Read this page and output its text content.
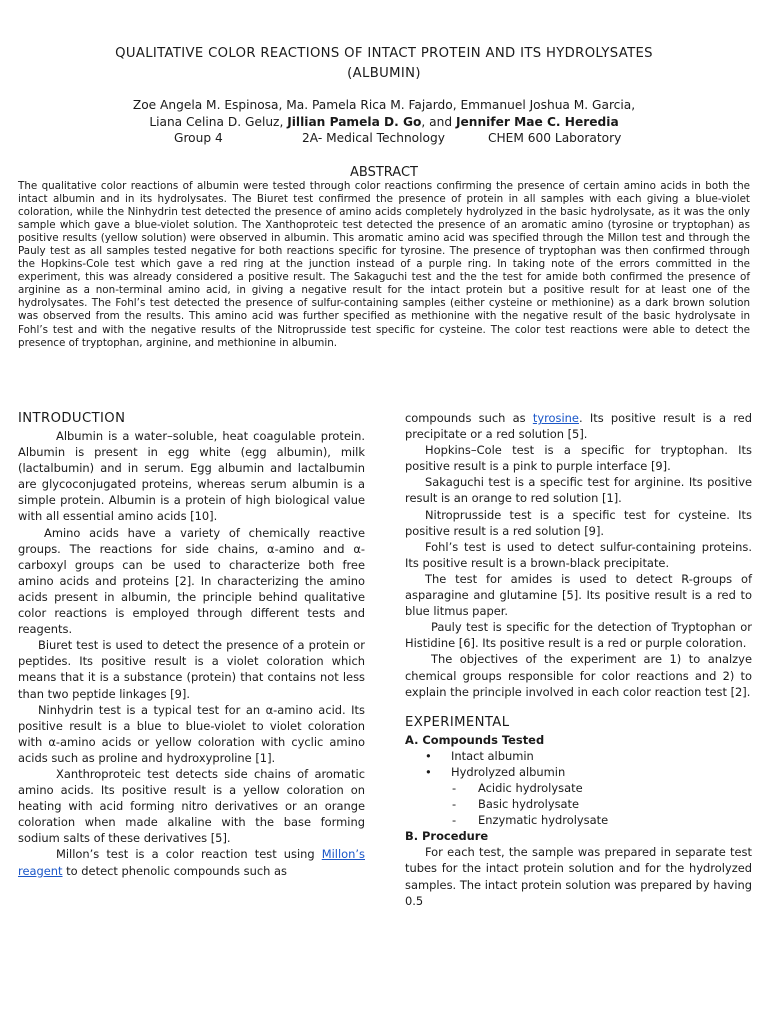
QUALITATIVE COLOR REACTIONS OF INTACT PROTEIN AND ITS HYDROLYSATES
(ALBUMIN)
Zoe Angela M. Espinosa, Ma. Pamela Rica M. Fajardo, Emmanuel Joshua M. Garcia,
Liana Celina D. Geluz, Jillian Pamela D. Go, and Jennifer Mae C. Heredia
Group 4	2A- Medical Technology	CHEM 600 Laboratory
ABSTRACT
The qualitative color reactions of albumin were tested through color reactions confirming the presence of certain amino acids in both the intact albumin and in its hydrolysates. The Biuret test confirmed the presence of protein in all samples with each giving a blue-violet coloration, while the Ninhydrin test detected the presence of amino acids completely hydrolyzed in the basic hydrolysate, as it was the only sample which gave a blue-violet solution. The Xanthoproteic test detected the presence of an aromatic amino (tyrosine or tryptophan) as positive results (yellow solution) were observed in albumin. This aromatic amino acid was specified through the Millon test and through the Pauly test as all samples tested negative for both reactions specific for tyrosine. The presence of tryptophan was then confirmed through the Hopkins-Cole test which gave a red ring at the junction instead of a purple ring. In taking note of the errors committed in the experiment, this was already considered a positive result. The Sakaguchi test and the the test for amide both confirmed the presence of arginine as a non-terminal amino acid, in giving a negative result for the intact protein but a positive result for at least one of the hydrolysates. The Fohl’s test detected the presence of sulfur-containing samples (either cysteine or methionine) as a dark brown solution was observed from the results. This amino acid was further specified as methionine with the negative result of the basic hydrolysate in Fohl’s test and with the negative results of the Nitroprusside test specific for cysteine. The color test reactions were able to detect the presence of tryptophan, arginine, and methionine in albumin.

INTRODUCTION

Albumin is a water–soluble, heat coagulable protein. Albumin is present in egg white (egg albumin), milk (lactalbumin) and in serum. Egg albumin and lactalbumin are glycoconjugated proteins, whereas serum albumin is a simple protein. Albumin is a protein of high biological value with all essential amino acids [10].

Amino acids have a variety of chemically reactive groups. The reactions for side chains, α-amino and α-carboxyl groups can be used to characterize both free amino acids and proteins [2]. In characterizing the amino acids present in albumin, the principle behind qualitative color reactions is employed through different tests and reagents.

Biuret test is used to detect the presence of a protein or peptides. Its positive result is a violet coloration which means that it is a substance (protein) that contains not less than two peptide linkages [9].

Ninhydrin test is a typical test for an α-amino acid. Its positive result is a blue to blue-violet to violet coloration with α-amino acids or yellow coloration with cyclic amino acids such as proline and hydroxyproline [1].

Xanthroproteic test detects side chains of aromatic amino acids. Its positive result is a yellow coloration on heating with acid forming nitro derivatives or an orange coloration when made alkaline with the base forming sodium salts of these derivatives [5].

Millon’s test is a color reaction test using Millon’s reagent to detect phenolic compounds such as

compounds such as tyrosine. Its positive result is a red precipitate or a red solution [5].

Hopkins–Cole test is a specific for tryptophan. Its positive result is a pink to purple interface [9].

Sakaguchi test is a specific test for arginine. Its positive result is an orange to red solution [1].

Nitroprusside test is a specific test for cysteine. Its positive result is a red solution [9].

Fohl’s test is used to detect sulfur-containing proteins. Its positive result is a brown-black precipitate.

The test for amides is used to detect R-groups of asparagine and glutamine [5]. Its positive result is a red to blue litmus paper.

Pauly test is specific for the detection of Tryptophan or Histidine [6]. Its positive result is a red or purple coloration.

The objectives of the experiment are 1) to analzye chemical groups responsible for color reactions and 2) to explain the principle involved in each color reaction test [2].

EXPERIMENTAL

A. Compounds Tested

• Intact albumin
• Hydrolyzed albumin
- Acidic hydrolysate
- Basic hydrolysate
- Enzymatic hydrolysate

B. Procedure

For each test, the sample was prepared in separate test tubes for the intact protein solution and for the hydrolyzed samples. The intact protein solution was prepared by having 0.5
